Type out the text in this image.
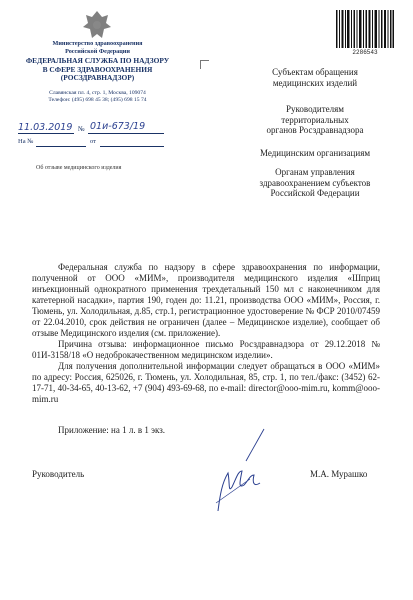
Министерство здравоохранения
Российской Федерации
ФЕДЕРАЛЬНАЯ СЛУЖБА ПО НАДЗОРУ
В СФЕРЕ ЗДРАВООХРАНЕНИЯ
(РОСЗДРАВНАДЗОР)
Славянская пл. 4, стр. 1, Москва, 109074
Телефон: (495) 698 45 38; (495) 698 15 74
11.03.2019 № 01и-673/19
На №	от
Об отзыве медицинского изделия
2286543
Субъектам обращения
медицинских изделий
Руководителям
территориальных
органов Росздравнадзора
Медицинским организациям
Органам управления
здравоохранением субъектов
Российской Федерации

Федеральная служба по надзору в сфере здравоохранения по информации, полученной от ООО «МИМ», производителя медицинского изделия «Шприц инъекционный однократного применения трехдетальный 150 мл с наконечником для катетерной насадки», партия 190, годен до: 11.21, производства ООО «МИМ», Россия, г. Тюмень, ул. Холодильная, д.85, стр.1, регистрационное удостоверение № ФСР 2010/07459 от 22.04.2010, срок действия не ограничен (далее – Медицинское изделие), сообщает об отзыве Медицинского изделия (см. приложение).

Причина отзыва: информационное письмо Росздравнадзора от 29.12.2018 № 01И-3158/18 «О недоброкачественном медицинском изделии».

Для получения дополнительной информации следует обращаться в ООО «МИМ» по адресу: Россия, 625026, г. Тюмень, ул. Холодильная, 85, стр. 1, по тел./факс: (3452) 62-17-71, 40-34-65, 40-13-62, +7 (904) 493-69-68, по e-mail: director@ooo-mim.ru, komm@ooo-mim.ru

Приложение: на 1 л. в 1 экз.
Руководитель	М.А. Мурашко
